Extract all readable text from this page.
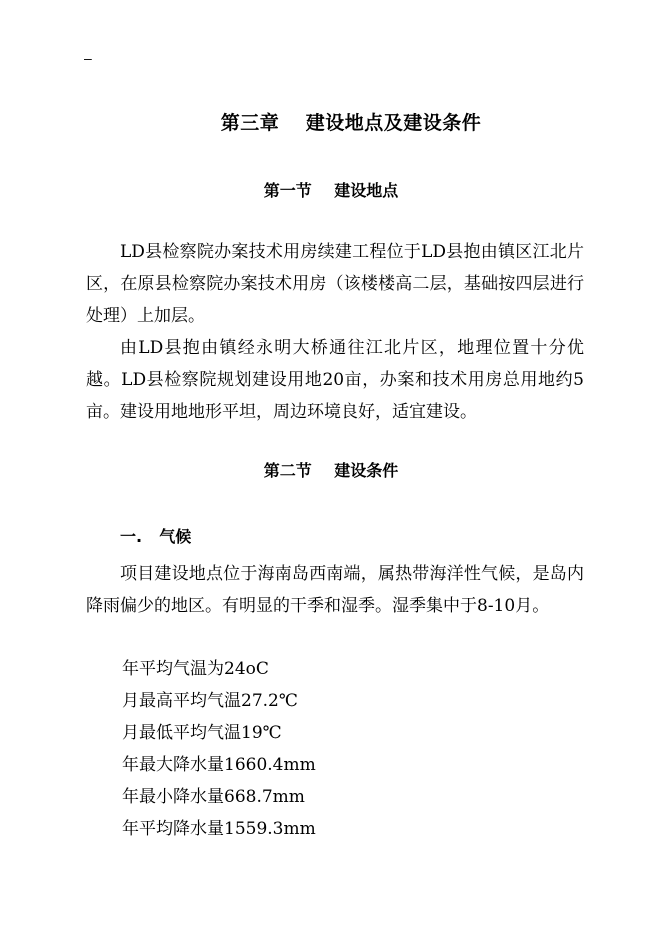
–
第三章 建设地点及建设条件
第一节 建设地点
LD县检察院办案技术用房续建工程位于LD县抱由镇区江北片区，在原县检察院办案技术用房（该楼楼高二层，基础按四层进行处理）上加层。
由LD县抱由镇经永明大桥通往江北片区，地理位置十分优越。LD县检察院规划建设用地20亩，办案和技术用房总用地约5亩。建设用地地形平坦，周边环境良好，适宜建设。
第二节 建设条件
一. 气候
项目建设地点位于海南岛西南端，属热带海洋性气候，是岛内降雨偏少的地区。有明显的干季和湿季。湿季集中于8-10月。
年平均气温为24oC
月最高平均气温27.2℃
月最低平均气温19℃
年最大降水量1660.4mm
年最小降水量668.7mm
年平均降水量1559.3mm
